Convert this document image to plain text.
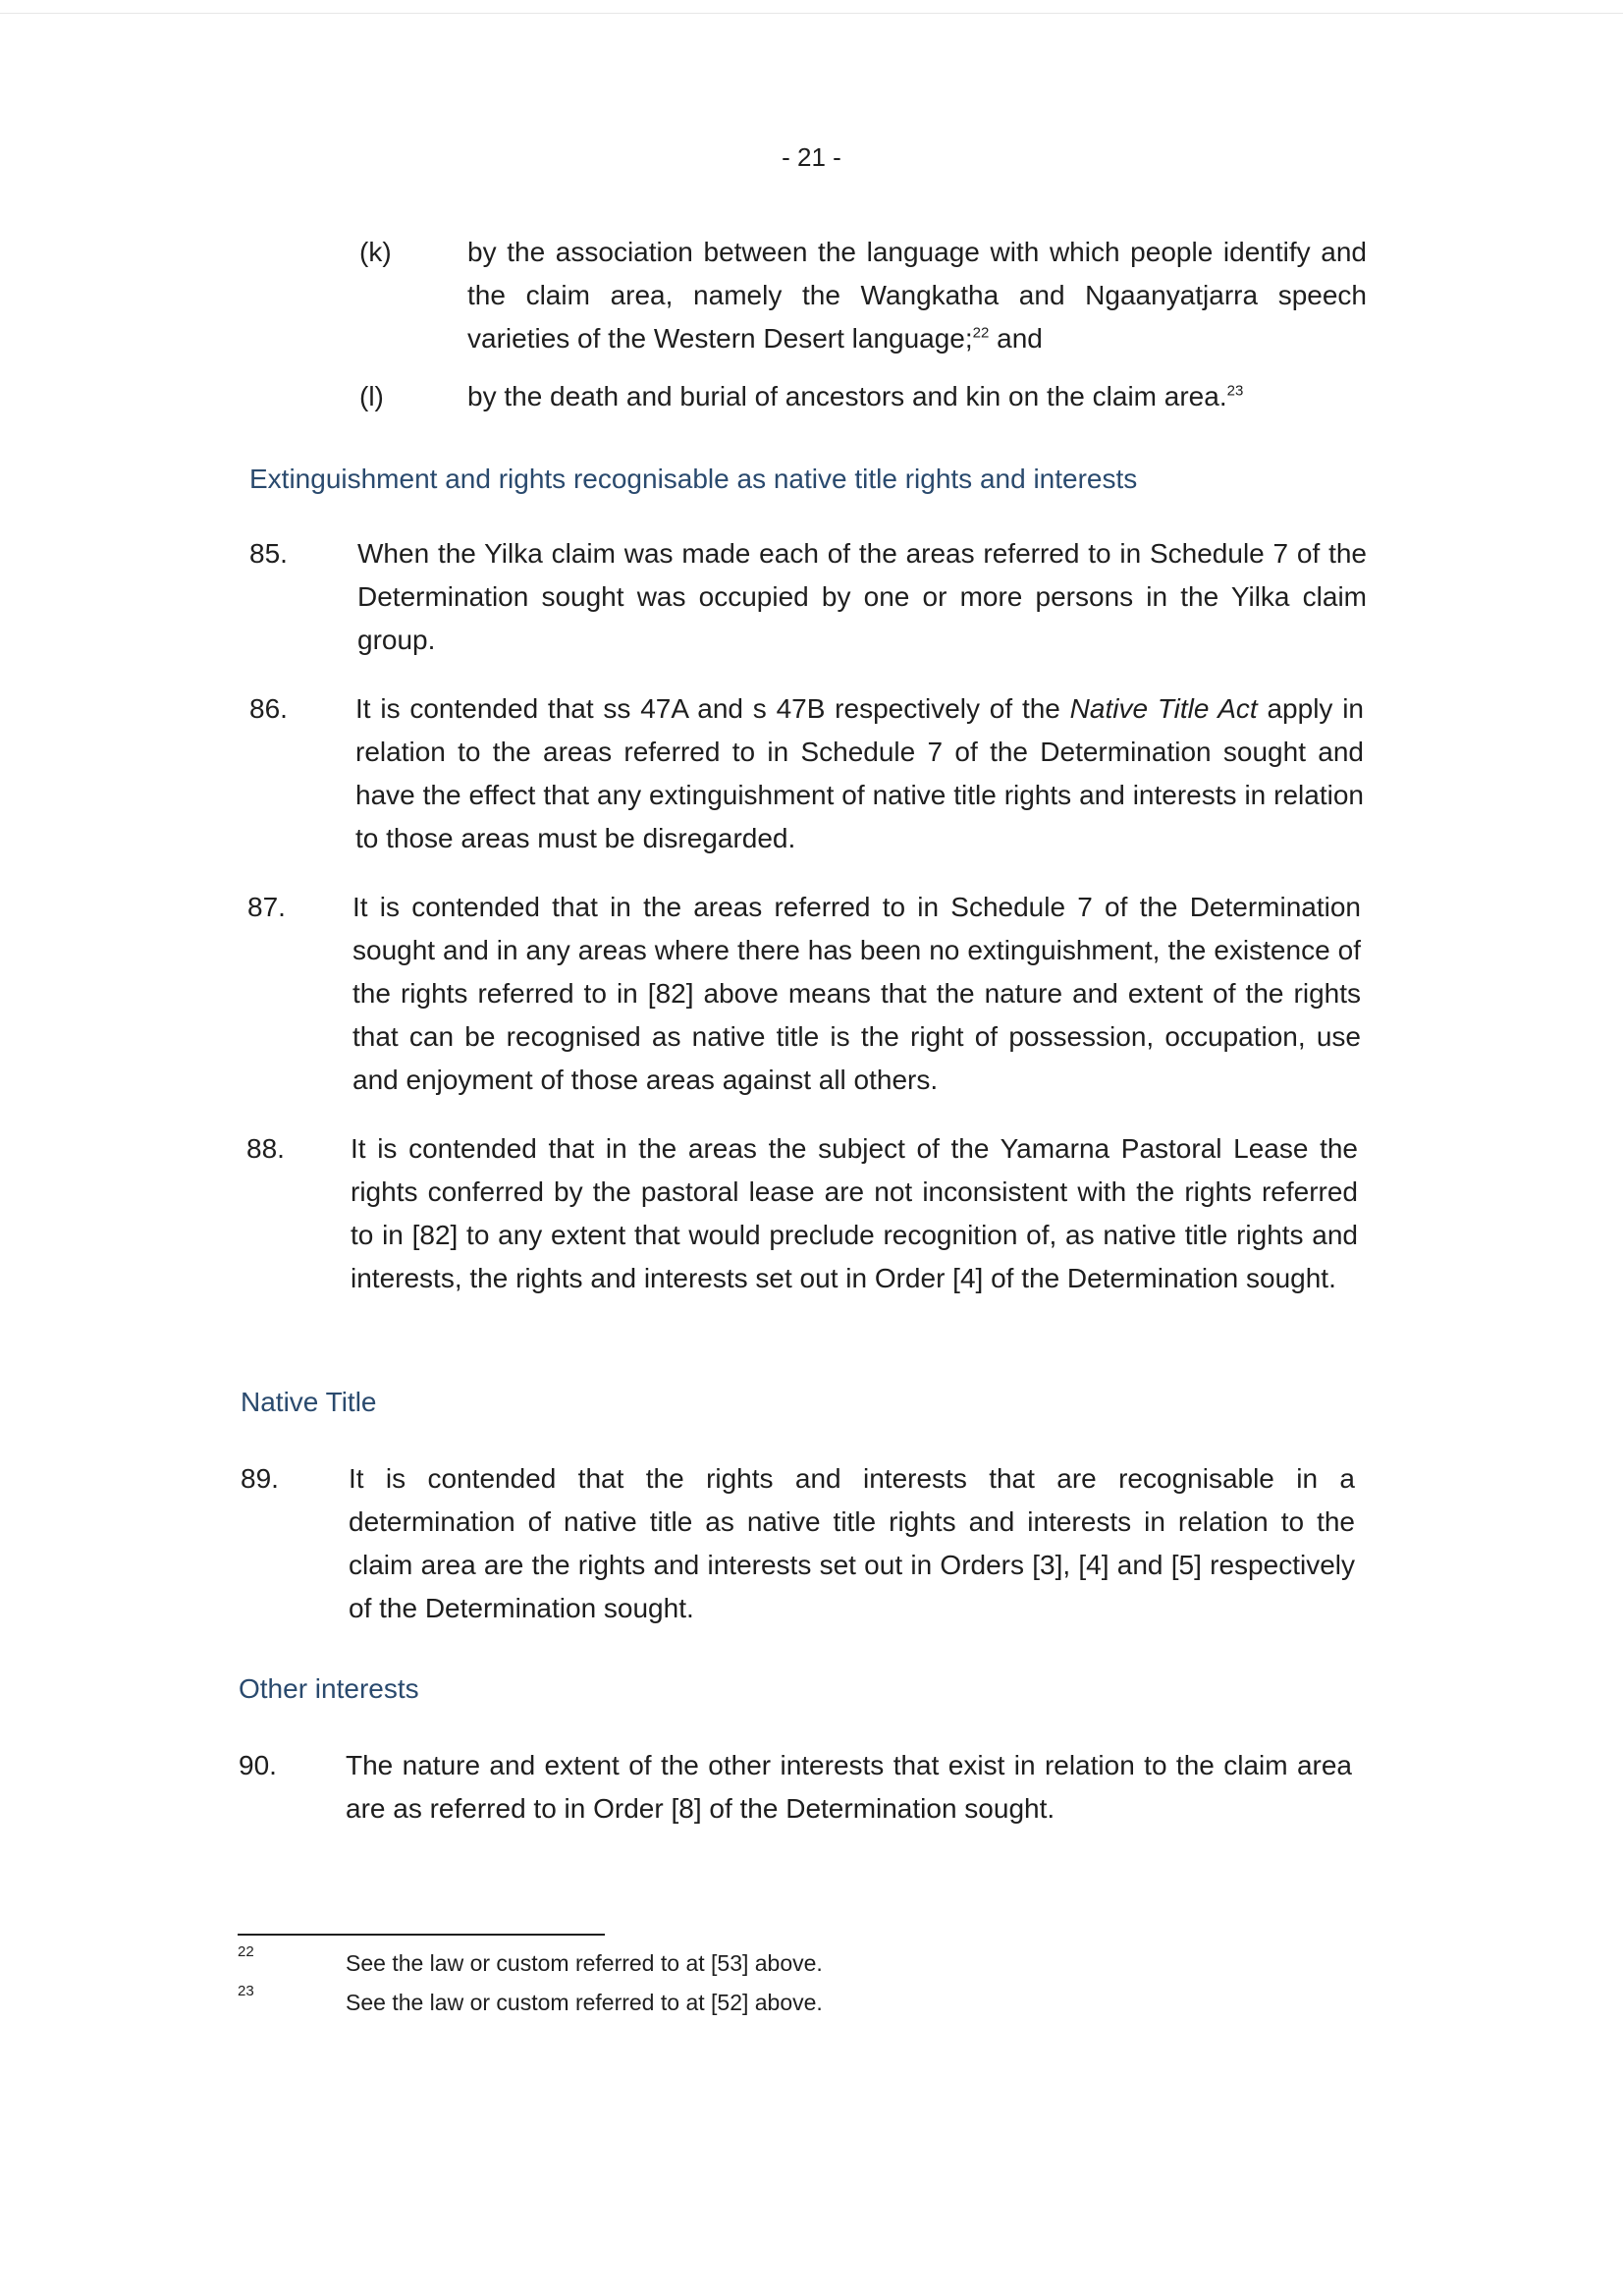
- 21 -
(k)	by the association between the language with which people identify and the claim area, namely the Wangkatha and Ngaanyatjarra speech varieties of the Western Desert language;$^{22}$ and
(l)	by the death and burial of ancestors and kin on the claim area.$^{23}$
Extinguishment and rights recognisable as native title rights and interests
85.	When the Yilka claim was made each of the areas referred to in Schedule 7 of the Determination sought was occupied by one or more persons in the Yilka claim group.
86. It is contended that ss 47A and s 47B respectively of the Native Title Act apply in relation to the areas referred to in Schedule 7 of the Determination sought and have the effect that any extinguishment of native title rights and interests in relation to those areas must be disregarded.
87. It is contended that in the areas referred to in Schedule 7 of the Determination sought and in any areas where there has been no extinguishment, the existence of the rights referred to in [82] above means that the nature and extent of the rights that can be recognised as native title is the right of possession, occupation, use and enjoyment of those areas against all others.
88. It is contended that in the areas the subject of the Yamarna Pastoral Lease the rights conferred by the pastoral lease are not inconsistent with the rights referred to in [82] to any extent that would preclude recognition of, as native title rights and interests, the rights and interests set out in Order [4] of the Determination sought.
Native Title
89.	It is contended that the rights and interests that are recognisable in a determination of native title as native title rights and interests in relation to the claim area are the rights and interests set out in Orders [3], [4] and [5] respectively of the Determination sought.
Other interests
90.	The nature and extent of the other interests that exist in relation to the claim area are as referred to in Order [8] of the Determination sought.
22	See the law or custom referred to at [53] above.
23	See the law or custom referred to at [52] above.
